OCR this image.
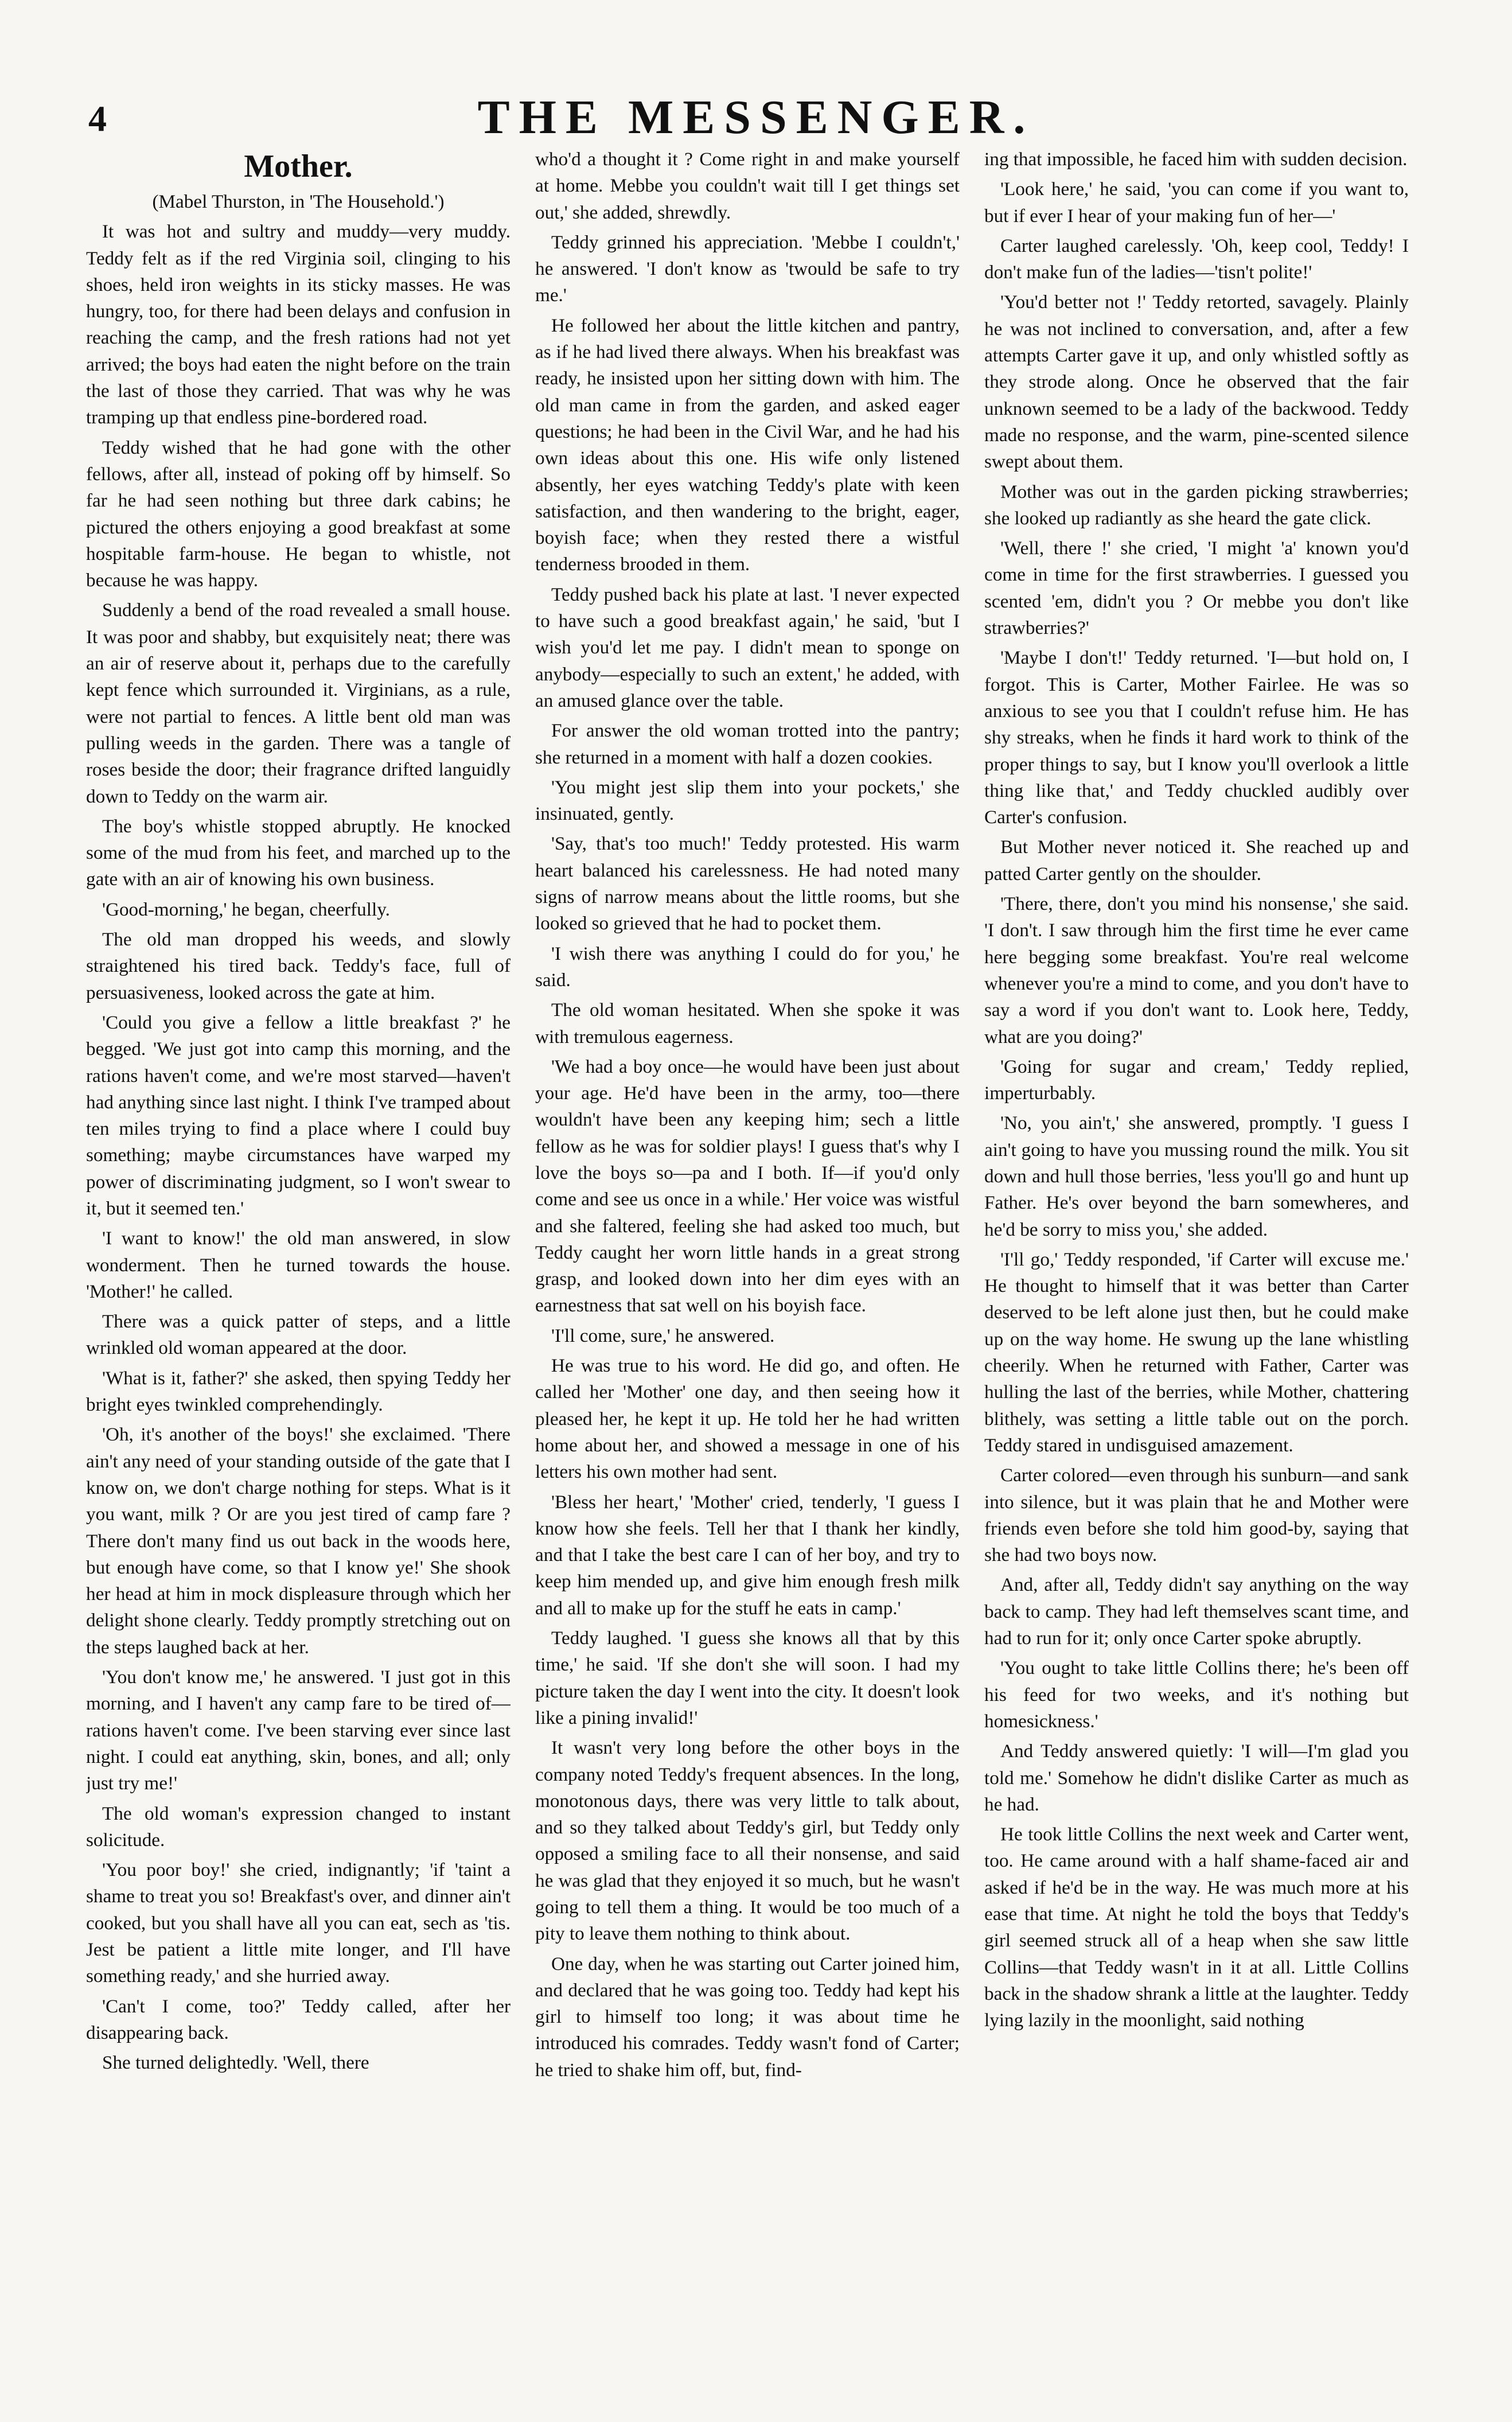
4	THE MESSENGER.
Mother.

(Mabel Thurston, in 'The Household.')

It was hot and sultry and muddy—very muddy. Teddy felt as if the red Virginia soil, clinging to his shoes, held iron weights in its sticky masses. He was hungry, too, for there had been delays and confusion in reaching the camp, and the fresh rations had not yet arrived; the boys had eaten the night before on the train the last of those they carried. That was why he was tramping up that endless pine-bordered road.

Teddy wished that he had gone with the other fellows, after all, instead of poking off by himself. So far he had seen nothing but three dark cabins; he pictured the others enjoying a good breakfast at some hospitable farm-house. He began to whistle, not because he was happy.

Suddenly a bend of the road revealed a small house. It was poor and shabby, but exquisitely neat; there was an air of reserve about it, perhaps due to the carefully kept fence which surrounded it. Virginians, as a rule, were not partial to fences. A little bent old man was pulling weeds in the garden. There was a tangle of roses beside the door; their fragrance drifted languidly down to Teddy on the warm air.

The boy's whistle stopped abruptly. He knocked some of the mud from his feet, and marched up to the gate with an air of knowing his own business.

'Good-morning,' he began, cheerfully.

The old man dropped his weeds, and slowly straightened his tired back. Teddy's face, full of persuasiveness, looked across the gate at him.

'Could you give a fellow a little breakfast ?' he begged. 'We just got into camp this morning, and the rations haven't come, and we're most starved—haven't had anything since last night. I think I've tramped about ten miles trying to find a place where I could buy something; maybe circumstances have warped my power of discriminating judgment, so I won't swear to it, but it seemed ten.'

'I want to know!' the old man answered, in slow wonderment. Then he turned towards the house. 'Mother!' he called.

There was a quick patter of steps, and a little wrinkled old woman appeared at the door.

'What is it, father?' she asked, then spying Teddy her bright eyes twinkled comprehendingly.

'Oh, it's another of the boys!' she exclaimed. 'There ain't any need of your standing outside of the gate that I know on, we don't charge nothing for steps. What is it you want, milk ? Or are you jest tired of camp fare ? There don't many find us out back in the woods here, but enough have come, so that I know ye!' She shook her head at him in mock displeasure through which her delight shone clearly. Teddy promptly stretching out on the steps laughed back at her.

'You don't know me,' he answered. 'I just got in this morning, and I haven't any camp fare to be tired of—rations haven't come. I've been starving ever since last night. I could eat anything, skin, bones, and all; only just try me!'

The old woman's expression changed to instant solicitude.

'You poor boy!' she cried, indignantly; 'if 'taint a shame to treat you so! Breakfast's over, and dinner ain't cooked, but you shall have all you can eat, sech as 'tis. Jest be patient a little mite longer, and I'll have something ready,' and she hurried away.

'Can't I come, too?' Teddy called, after her disappearing back.

She turned delightedly. 'Well, there

who'd a thought it ? Come right in and make yourself at home. Mebbe you couldn't wait till I get things set out,' she added, shrewdly.

Teddy grinned his appreciation. 'Mebbe I couldn't,' he answered. 'I don't know as 'twould be safe to try me.'

He followed her about the little kitchen and pantry, as if he had lived there always. When his breakfast was ready, he insisted upon her sitting down with him. The old man came in from the garden, and asked eager questions; he had been in the Civil War, and he had his own ideas about this one. His wife only listened absently, her eyes watching Teddy's plate with keen satisfaction, and then wandering to the bright, eager, boyish face; when they rested there a wistful tenderness brooded in them.

Teddy pushed back his plate at last. 'I never expected to have such a good breakfast again,' he said, 'but I wish you'd let me pay. I didn't mean to sponge on anybody—especially to such an extent,' he added, with an amused glance over the table.

For answer the old woman trotted into the pantry; she returned in a moment with half a dozen cookies.

'You might jest slip them into your pockets,' she insinuated, gently.

'Say, that's too much!' Teddy protested. His warm heart balanced his carelessness. He had noted many signs of narrow means about the little rooms, but she looked so grieved that he had to pocket them.

'I wish there was anything I could do for you,' he said.

The old woman hesitated. When she spoke it was with tremulous eagerness.

'We had a boy once—he would have been just about your age. He'd have been in the army, too—there wouldn't have been any keeping him; sech a little fellow as he was for soldier plays! I guess that's why I love the boys so—pa and I both. If—if you'd only come and see us once in a while.' Her voice was wistful and she faltered, feeling she had asked too much, but Teddy caught her worn little hands in a great strong grasp, and looked down into her dim eyes with an earnestness that sat well on his boyish face.

'I'll come, sure,' he answered.

He was true to his word. He did go, and often. He called her 'Mother' one day, and then seeing how it pleased her, he kept it up. He told her he had written home about her, and showed a message in one of his letters his own mother had sent.

'Bless her heart,' 'Mother' cried, tenderly, 'I guess I know how she feels. Tell her that I thank her kindly, and that I take the best care I can of her boy, and try to keep him mended up, and give him enough fresh milk and all to make up for the stuff he eats in camp.'

Teddy laughed. 'I guess she knows all that by this time,' he said. 'If she don't she will soon. I had my picture taken the day I went into the city. It doesn't look like a pining invalid!'

It wasn't very long before the other boys in the company noted Teddy's frequent absences. In the long, monotonous days, there was very little to talk about, and so they talked about Teddy's girl, but Teddy only opposed a smiling face to all their nonsense, and said he was glad that they enjoyed it so much, but he wasn't going to tell them a thing. It would be too much of a pity to leave them nothing to think about.

One day, when he was starting out Carter joined him, and declared that he was going too. Teddy had kept his girl to himself too long; it was about time he introduced his comrades. Teddy wasn't fond of Carter; he tried to shake him off, but, find-

ing that impossible, he faced him with sudden decision.

'Look here,' he said, 'you can come if you want to, but if ever I hear of your making fun of her—'

Carter laughed carelessly. 'Oh, keep cool, Teddy! I don't make fun of the ladies—'tisn't polite!'

'You'd better not !' Teddy retorted, savagely. Plainly he was not inclined to conversation, and, after a few attempts Carter gave it up, and only whistled softly as they strode along. Once he observed that the fair unknown seemed to be a lady of the backwood. Teddy made no response, and the warm, pine-scented silence swept about them.

Mother was out in the garden picking strawberries; she looked up radiantly as she heard the gate click.

'Well, there !' she cried, 'I might 'a' known you'd come in time for the first strawberries. I guessed you scented 'em, didn't you ? Or mebbe you don't like strawberries?'

'Maybe I don't!' Teddy returned. 'I—but hold on, I forgot. This is Carter, Mother Fairlee. He was so anxious to see you that I couldn't refuse him. He has shy streaks, when he finds it hard work to think of the proper things to say, but I know you'll overlook a little thing like that,' and Teddy chuckled audibly over Carter's confusion.

But Mother never noticed it. She reached up and patted Carter gently on the shoulder.

'There, there, don't you mind his nonsense,' she said. 'I don't. I saw through him the first time he ever came here begging some breakfast. You're real welcome whenever you're a mind to come, and you don't have to say a word if you don't want to. Look here, Teddy, what are you doing?'

'Going for sugar and cream,' Teddy replied, imperturbably.

'No, you ain't,' she answered, promptly. 'I guess I ain't going to have you mussing round the milk. You sit down and hull those berries, 'less you'll go and hunt up Father. He's over beyond the barn somewheres, and he'd be sorry to miss you,' she added.

'I'll go,' Teddy responded, 'if Carter will excuse me.' He thought to himself that it was better than Carter deserved to be left alone just then, but he could make up on the way home. He swung up the lane whistling cheerily. When he returned with Father, Carter was hulling the last of the berries, while Mother, chattering blithely, was setting a little table out on the porch. Teddy stared in undisguised amazement.

Carter colored—even through his sunburn—and sank into silence, but it was plain that he and Mother were friends even before she told him good-by, saying that she had two boys now.

And, after all, Teddy didn't say anything on the way back to camp. They had left themselves scant time, and had to run for it; only once Carter spoke abruptly.

'You ought to take little Collins there; he's been off his feed for two weeks, and it's nothing but homesickness.'

And Teddy answered quietly: 'I will—I'm glad you told me.' Somehow he didn't dislike Carter as much as he had.

He took little Collins the next week and Carter went, too. He came around with a half shame-faced air and asked if he'd be in the way. He was much more at his ease that time. At night he told the boys that Teddy's girl seemed struck all of a heap when she saw little Collins—that Teddy wasn't in it at all. Little Collins back in the shadow shrank a little at the laughter. Teddy lying lazily in the moonlight, said nothing
